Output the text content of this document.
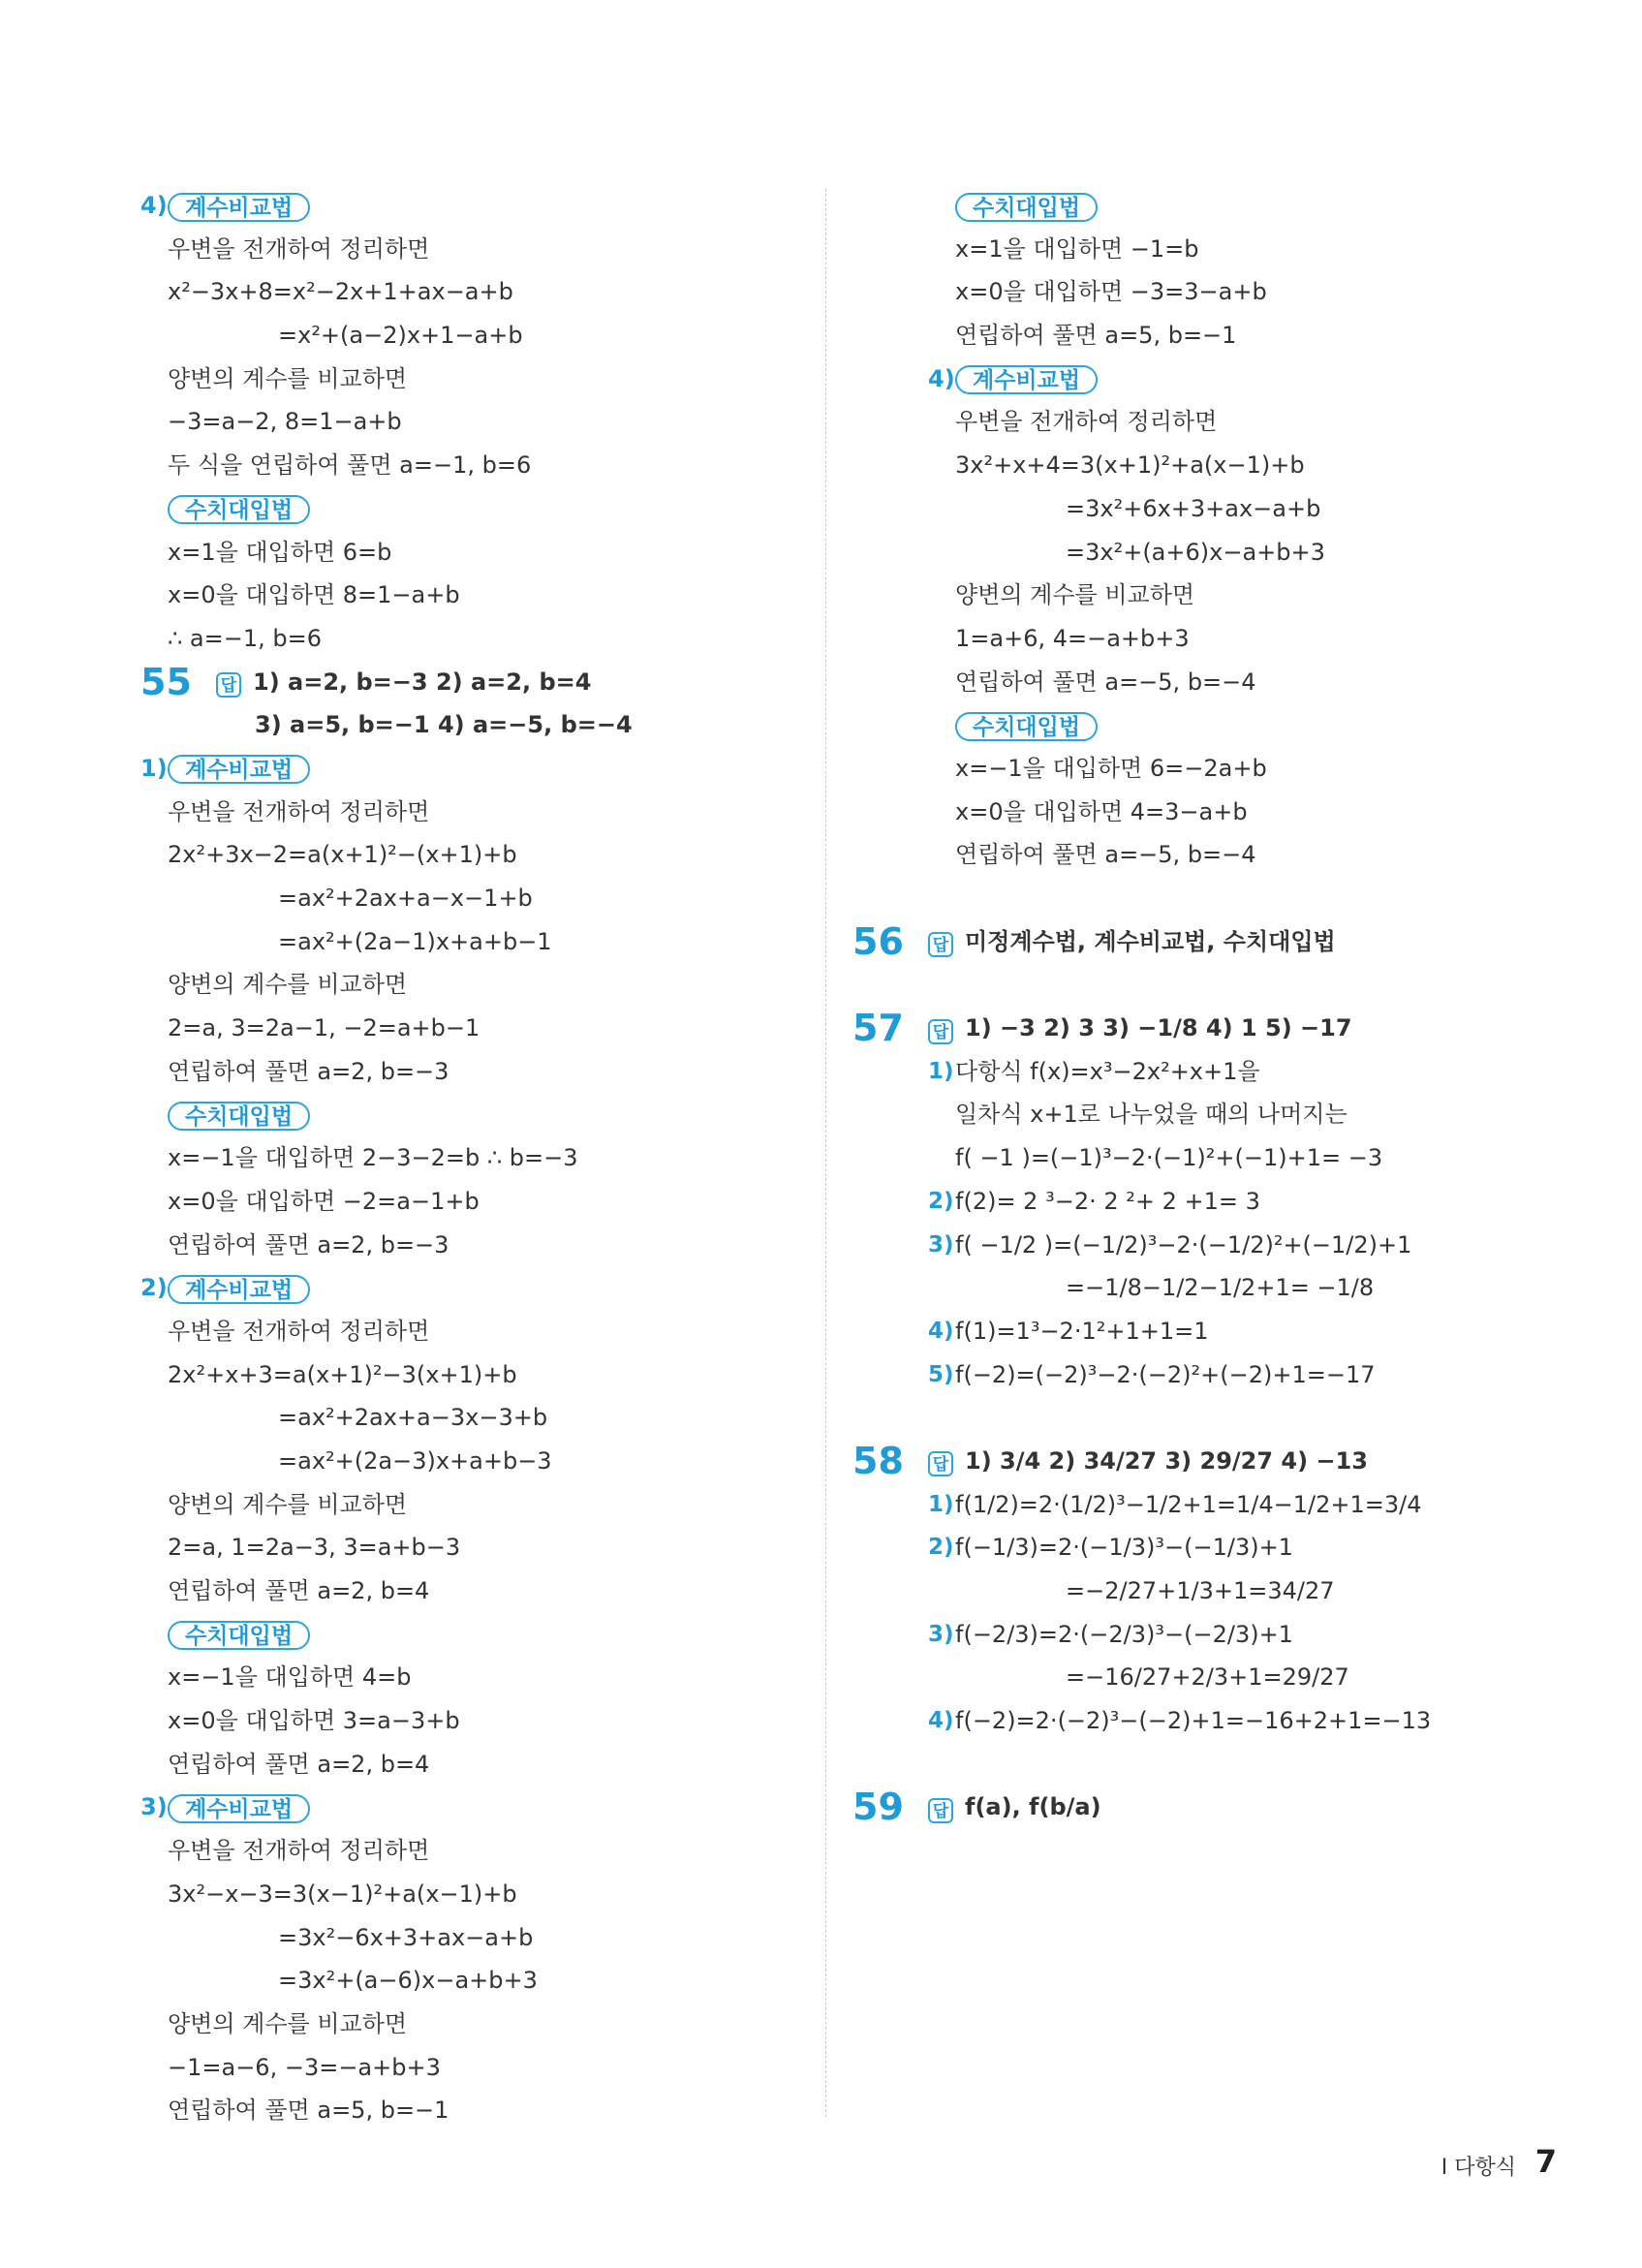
4) 계수비교법
우변을 전개하여 정리하면
x²−3x+8=x²−2x+1+ax−a+b
=x²+(a−2)x+1−a+b
양변의 계수를 비교하면
−3=a−2, 8=1−a+b
두 식을 연립하여 풀면 a=−1, b=6
수치대입법
x=1을 대입하면 6=b
x=0을 대입하면 8=1−a+b
∴ a=−1, b=6
55 답 1) a=2, b=−3 2) a=2, b=4
3) a=5, b=−1 4) a=−5, b=−4
1) 계수비교법
우변을 전개하여 정리하면
2x²+3x−2=a(x+1)²−(x+1)+b
=ax²+2ax+a−x−1+b
=ax²+(2a−1)x+a+b−1
양변의 계수를 비교하면
2=a, 3=2a−1, −2=a+b−1
연립하여 풀면 a=2, b=−3
수치대입법
x=−1을 대입하면 2−3−2=b ∴ b=−3
x=0을 대입하면 −2=a−1+b
연립하여 풀면 a=2, b=−3
2) 계수비교법
우변을 전개하여 정리하면
2x²+x+3=a(x+1)²−3(x+1)+b
=ax²+2ax+a−3x−3+b
=ax²+(2a−3)x+a+b−3
양변의 계수를 비교하면
2=a, 1=2a−3, 3=a+b−3
연립하여 풀면 a=2, b=4
수치대입법
x=−1을 대입하면 4=b
x=0을 대입하면 3=a−3+b
연립하여 풀면 a=2, b=4
3) 계수비교법
우변을 전개하여 정리하면
3x²−x−3=3(x−1)²+a(x−1)+b
=3x²−6x+3+ax−a+b
=3x²+(a−6)x−a+b+3
양변의 계수를 비교하면
−1=a−6, −3=−a+b+3
연립하여 풀면 a=5, b=−1
수치대입법
x=1을 대입하면 −1=b
x=0을 대입하면 −3=3−a+b
연립하여 풀면 a=5, b=−1
4) 계수비교법
우변을 전개하여 정리하면
3x²+x+4=3(x+1)²+a(x−1)+b
=3x²+6x+3+ax−a+b
=3x²+(a+6)x−a+b+3
양변의 계수를 비교하면
1=a+6, 4=−a+b+3
연립하여 풀면 a=−5, b=−4
수치대입법
x=−1을 대입하면 6=−2a+b
x=0을 대입하면 4=3−a+b
연립하여 풀면 a=−5, b=−4
56 답 미정계수법, 계수비교법, 수치대입법
57 답 1) −3 2) 3 3) −1/8 4) 1 5) −17
1) 다항식 f(x)=x³−2x²+x+1을
일차식 x+1로 나누었을 때의 나머지는
f( −1 )=(−1)³−2·(−1)²+(−1)+1= −3
2) f(2)= 2 ³−2· 2 ²+ 2 +1= 3
3) f( −1/2 )=(−1/2)³−2·(−1/2)²+(−1/2)+1
=−1/8−1/2−1/2+1= −1/8
4) f(1)=1³−2·1²+1+1=1
5) f(−2)=(−2)³−2·(−2)²+(−2)+1=−17
58 답 1) 3/4 2) 34/27 3) 29/27 4) −13
1) f(1/2)=2·(1/2)³−1/2+1=1/4−1/2+1=3/4
2) f(−1/3)=2·(−1/3)³−(−1/3)+1
=−2/27+1/3+1=34/27
3) f(−2/3)=2·(−2/3)³−(−2/3)+1
=−16/27+2/3+1=29/27
4) f(−2)=2·(−2)³−(−2)+1=−16+2+1=−13
59 답 f(a), f(b/a)
Ⅰ 다항식 7
